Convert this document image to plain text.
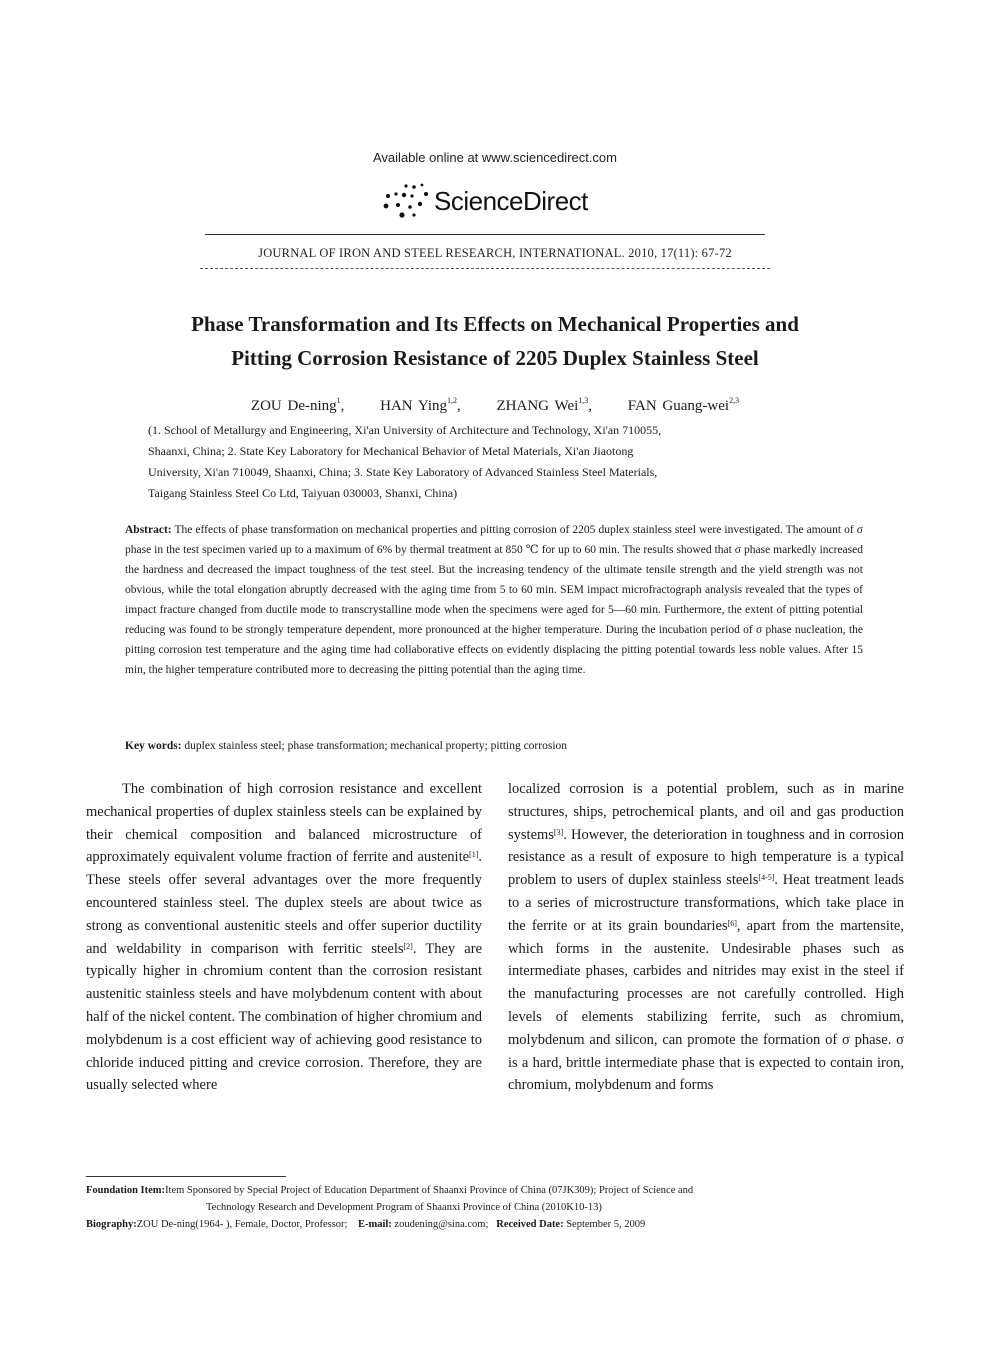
Available online at www.sciencedirect.com
ScienceDirect
JOURNAL OF IRON AND STEEL RESEARCH, INTERNATIONAL. 2010, 17(11): 67-72
Phase Transformation and Its Effects on Mechanical Properties and
Pitting Corrosion Resistance of 2205 Duplex Stainless Steel
ZOU De-ning$^1$, HAN Ying$^{1,2}$, ZHANG Wei$^{1,3}$, FAN Guang-wei$^{2,3}$
(1. School of Metallurgy and Engineering, Xi'an University of Architecture and Technology, Xi'an 710055,
Shaanxi, China; 2. State Key Laboratory for Mechanical Behavior of Metal Materials, Xi'an Jiaotong
University, Xi'an 710049, Shaanxi, China; 3. State Key Laboratory of Advanced Stainless Steel Materials,
Taigang Stainless Steel Co Ltd, Taiyuan 030003, Shanxi, China)
Abstract: The effects of phase transformation on mechanical properties and pitting corrosion of 2205 duplex stainless steel were investigated. The amount of σ phase in the test specimen varied up to a maximum of 6% by thermal treatment at 850 ℃ for up to 60 min. The results showed that σ phase markedly increased the hardness and decreased the impact toughness of the test steel. But the increasing tendency of the ultimate tensile strength and the yield strength was not obvious, while the total elongation abruptly decreased with the aging time from 5 to 60 min. SEM impact microfractograph analysis revealed that the types of impact fracture changed from ductile mode to transcrystalline mode when the specimens were aged for 5—60 min. Furthermore, the extent of pitting potential reducing was found to be strongly temperature dependent, more pronounced at the higher temperature. During the incubation period of σ phase nucleation, the pitting corrosion test temperature and the aging time had collaborative effects on evidently displacing the pitting potential towards less noble values. After 15 min, the higher temperature contributed more to decreasing the pitting potential than the aging time.
Key words: duplex stainless steel; phase transformation; mechanical property; pitting corrosion
The combination of high corrosion resistance and excellent mechanical properties of duplex stainless steels can be explained by their chemical composition and balanced microstructure of approximately equivalent volume fraction of ferrite and austenite[1]. These steels offer several advantages over the more frequently encountered stainless steel. The duplex steels are about twice as strong as conventional austenitic steels and offer superior ductility and weldability in comparison with ferritic steels[2]. They are typically higher in chromium content than the corrosion resistant austenitic stainless steels and have molybdenum content with about half of the nickel content. The combination of higher chromium and molybdenum is a cost efficient way of achieving good resistance to chloride induced pitting and crevice corrosion. Therefore, they are usually selected where
localized corrosion is a potential problem, such as in marine structures, ships, petrochemical plants, and oil and gas production systems[3]. However, the deterioration in toughness and in corrosion resistance as a result of exposure to high temperature is a typical problem to users of duplex stainless steels[4-5]. Heat treatment leads to a series of microstructure transformations, which take place in the ferrite or at its grain boundaries[6], apart from the martensite, which forms in the austenite. Undesirable phases such as intermediate phases, carbides and nitrides may exist in the steel if the manufacturing processes are not carefully controlled. High levels of elements stabilizing ferrite, such as chromium, molybdenum and silicon, can promote the formation of σ phase. σ is a hard, brittle intermediate phase that is expected to contain iron, chromium, molybdenum and forms
Foundation Item:Item Sponsored by Special Project of Education Department of Shaanxi Province of China (07JK309); Project of Science and
Technology Research and Development Program of Shaanxi Province of China (2010K10-13)
Biography:ZOU De-ning(1964- ), Female, Doctor, Professor; E-mail: zoudening@sina.com; Received Date: September 5, 2009
